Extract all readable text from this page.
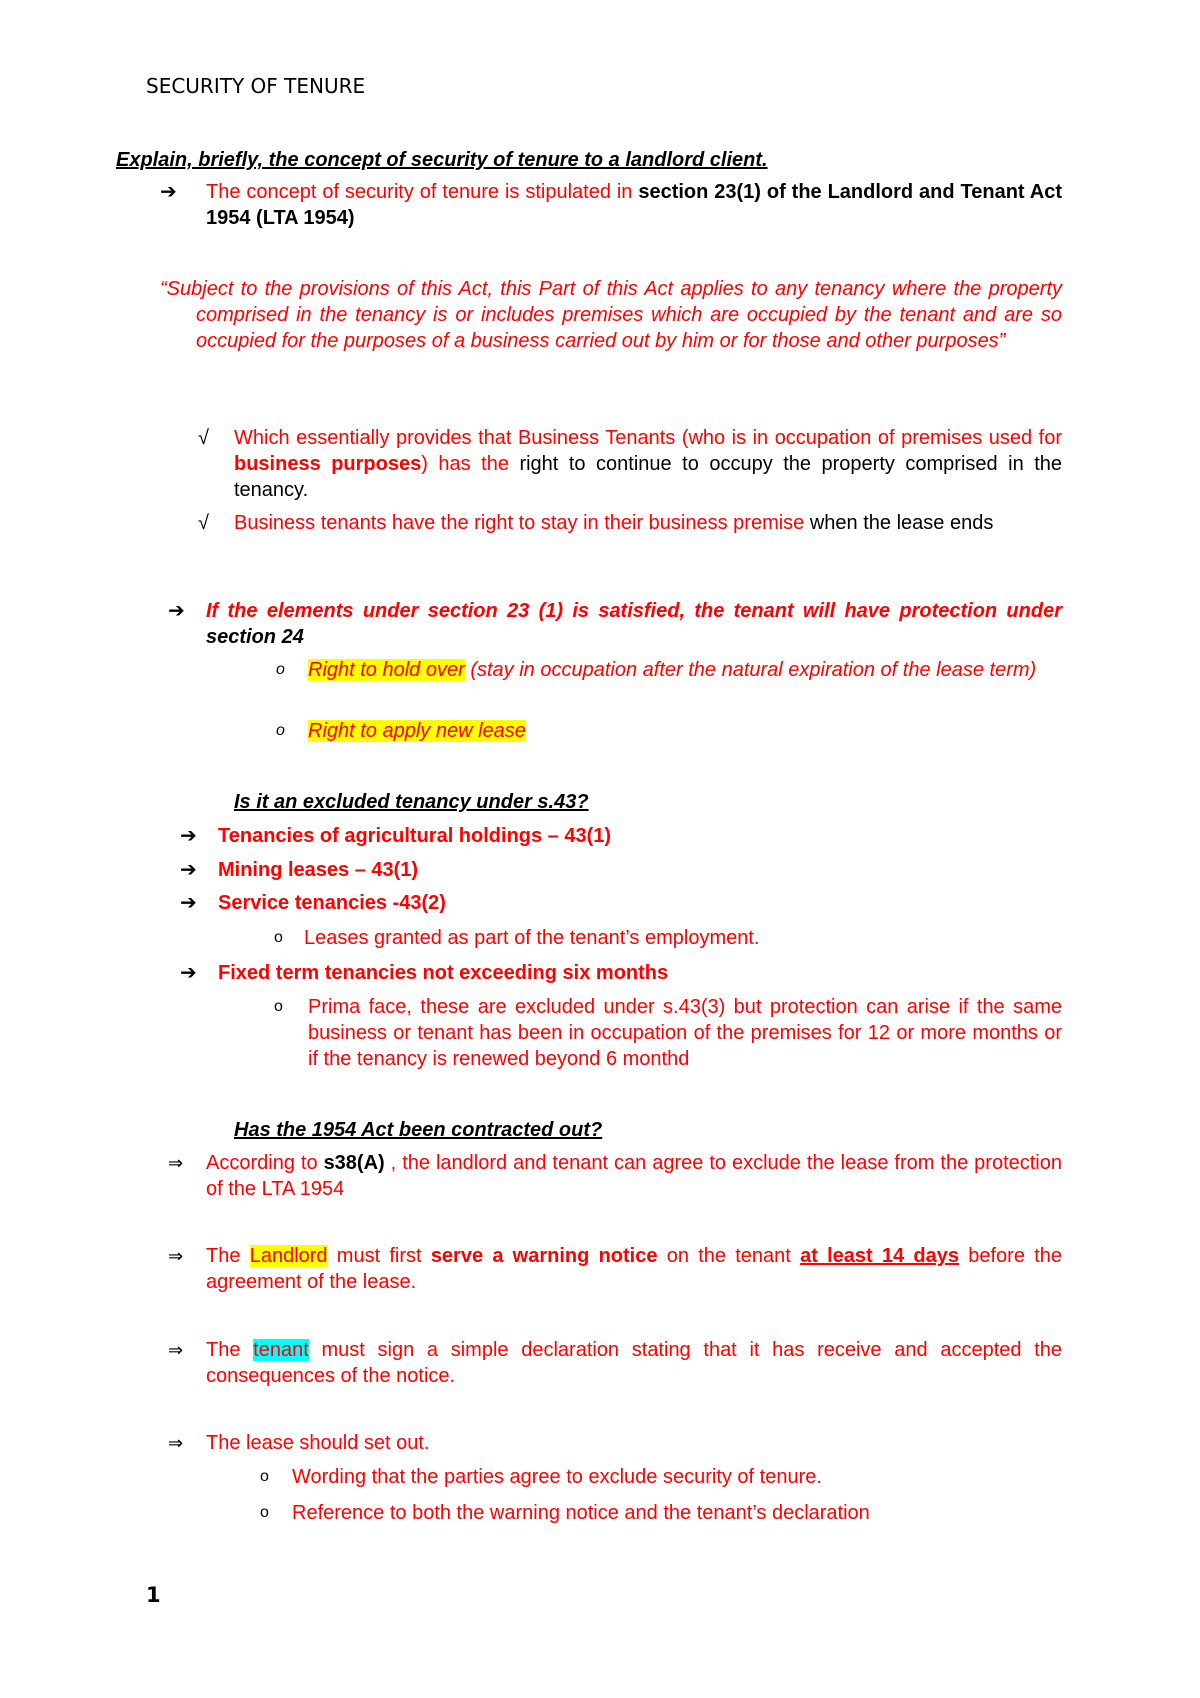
SECURITY OF TENURE
Explain, briefly, the concept of security of tenure to a landlord client.
➔ The concept of security of tenure is stipulated in section 23(1) of the Landlord and Tenant Act 1954 (LTA 1954)
“Subject to the provisions of this Act, this Part of this Act applies to any tenancy where the property comprised in the tenancy is or includes premises which are occupied by the tenant and are so occupied for the purposes of a business carried out by him or for those and other purposes”
√ Which essentially provides that Business Tenants (who is in occupation of premises used for business purposes) has the right to continue to occupy the property comprised in the tenancy.
√ Business tenants have the right to stay in their business premise when the lease ends
➔ If the elements under section 23 (1) is satisfied, the tenant will have protection under section 24
o Right to hold over (stay in occupation after the natural expiration of the lease term)
o Right to apply new lease
Is it an excluded tenancy under s.43?
➔ Tenancies of agricultural holdings – 43(1)
➔ Mining leases – 43(1)
➔ Service tenancies -43(2)
o Leases granted as part of the tenant’s employment.
➔ Fixed term tenancies not exceeding six months
o Prima face, these are excluded under s.43(3) but protection can arise if the same business or tenant has been in occupation of the premises for 12 or more months or if the tenancy is renewed beyond 6 monthd
Has the 1954 Act been contracted out?
⇒ According to s38(A) , the landlord and tenant can agree to exclude the lease from the protection of the LTA 1954
⇒ The Landlord must first serve a warning notice on the tenant at least 14 days before the agreement of the lease.
⇒ The tenant must sign a simple declaration stating that it has receive and accepted the consequences of the notice.
⇒ The lease should set out.
o Wording that the parties agree to exclude security of tenure.
o Reference to both the warning notice and the tenant’s declaration
1
